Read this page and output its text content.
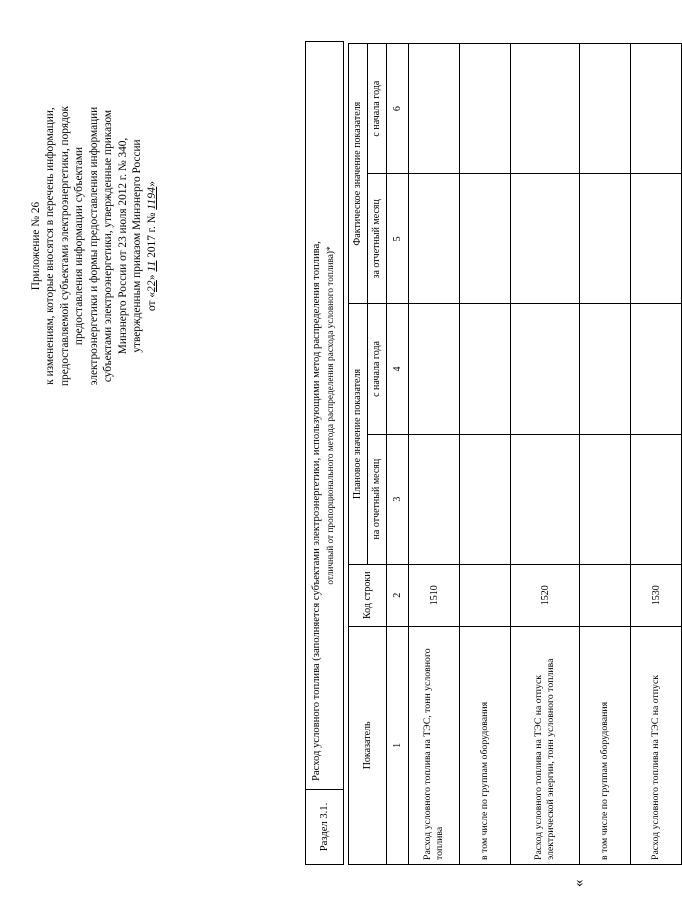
«
Приложение № 26 к изменениям, которые вносятся в перечень информации, предоставляемой субъектами электроэнергетики, порядок предоставления информации субъектами электроэнергетики и формы предоставления информации субъектами электроэнергетики, утвержденные приказом Минэнерго России от 23 июля 2012 г. № 340, утвержденным приказом Минэнерго России от «22» 11 2017 г. № 1194»
Раздел 3.1.
Расход условного топлива (заполняется субъектами электроэнергетики, использующими метод распределения топлива, отличный от пропорционального метода распределения расхода условного топлива)*
Показатель	Код строки	Плановое значение показателя		Фактическое значение показателя	
		на отчетный месяц	с начала года	за отчетный месяц	с начала года
1	2	3	4	5	6
Расход условного топлива на ТЭС, тонн условного топлива	1510				
в том числе по группам оборудования					
Расход условного топлива на ТЭС на отпуск электрической энергии, тонн условного топлива	1520				
в том числе по группам оборудования					
Расход условного топлива на ТЭС на отпуск	1530				
